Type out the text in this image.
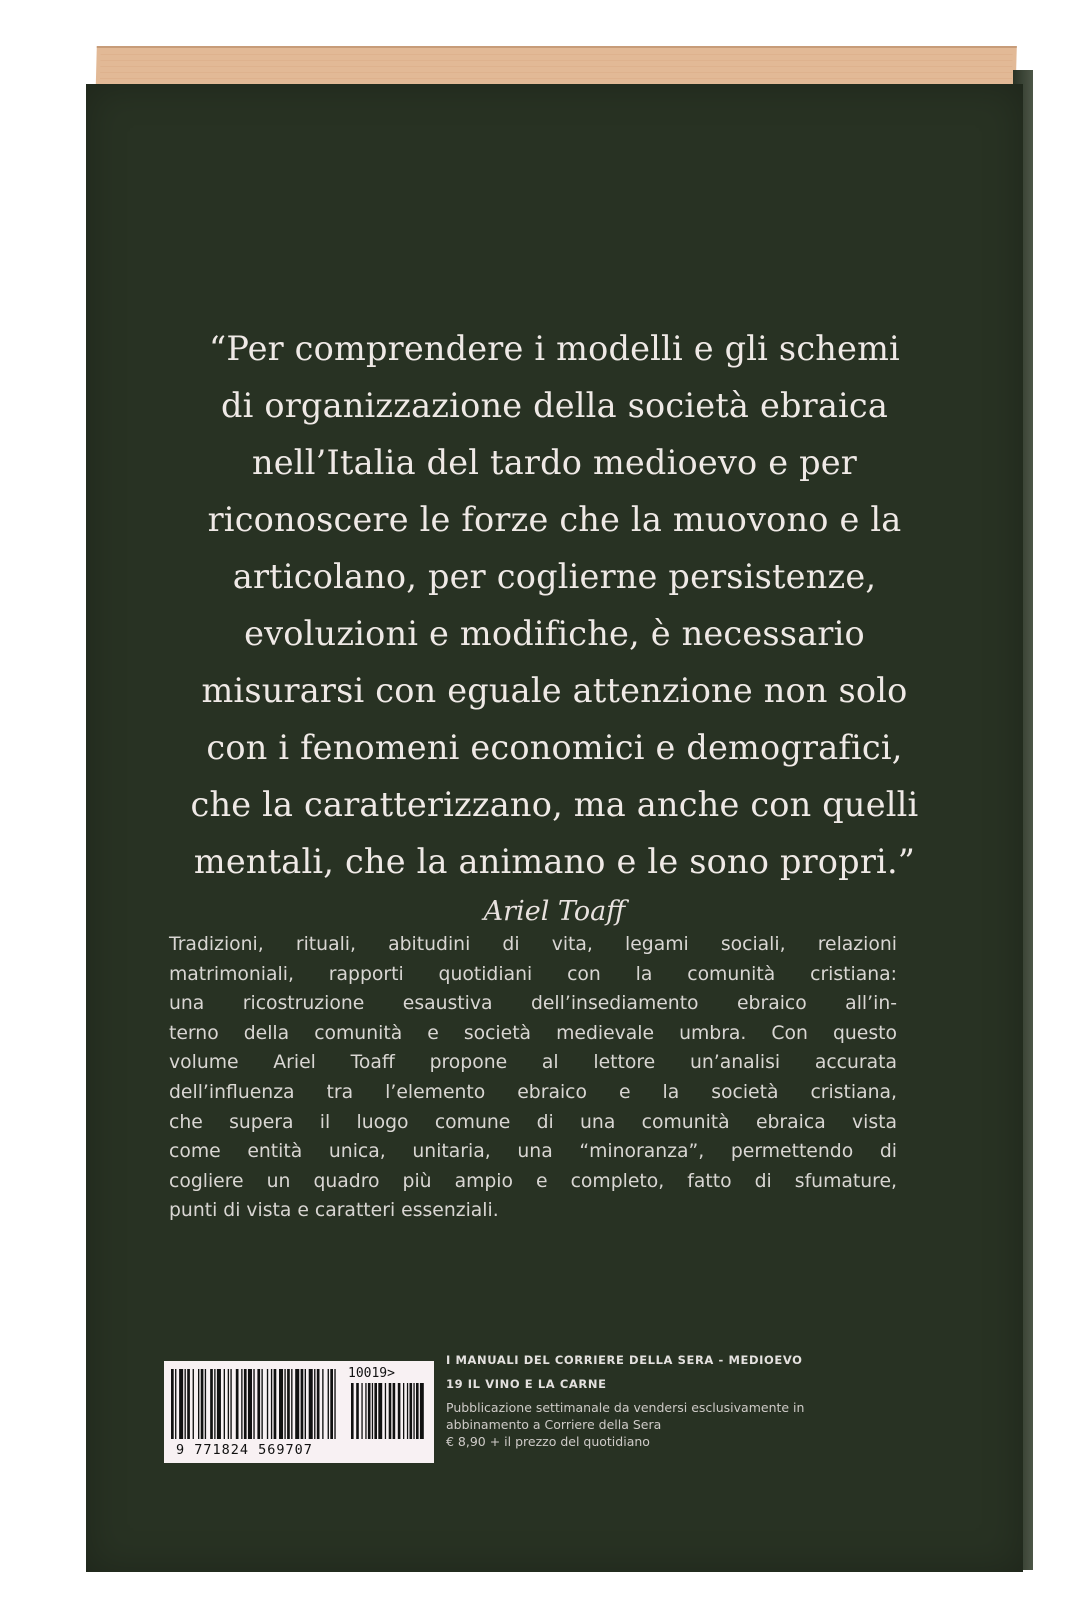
“Per comprendere i modelli e gli schemi
di organizzazione della società ebraica
nell’Italia del tardo medioevo e per
riconoscere le forze che la muovono e la
articolano, per coglierne persistenze,
evoluzioni e modifiche, è necessario
misurarsi con eguale attenzione non solo
con i fenomeni economici e demografici,
che la caratterizzano, ma anche con quelli
mentali, che la animano e le sono propri.”
Ariel Toaff
Tradizioni, rituali, abitudini di vita, legami sociali, relazioni
matrimoniali, rapporti quotidiani con la comunità cristiana:
una ricostruzione esaustiva dell’insediamento ebraico all’in-
terno della comunità e società medievale umbra. Con questo
volume Ariel Toaff propone al lettore un’analisi accurata
dell’influenza tra l’elemento ebraico e la società cristiana,
che supera il luogo comune di una comunità ebraica vista
come entità unica, unitaria, una “minoranza”, permettendo di
cogliere un quadro più ampio e completo, fatto di sfumature,
punti di vista e caratteri essenziali.
10019>
9 771824 569707
I MANUALI DEL CORRIERE DELLA SERA - MEDIOEVO
19 IL VINO E LA CARNE
Pubblicazione settimanale da vendersi esclusivamente in
abbinamento a Corriere della Sera
€ 8,90 + il prezzo del quotidiano
